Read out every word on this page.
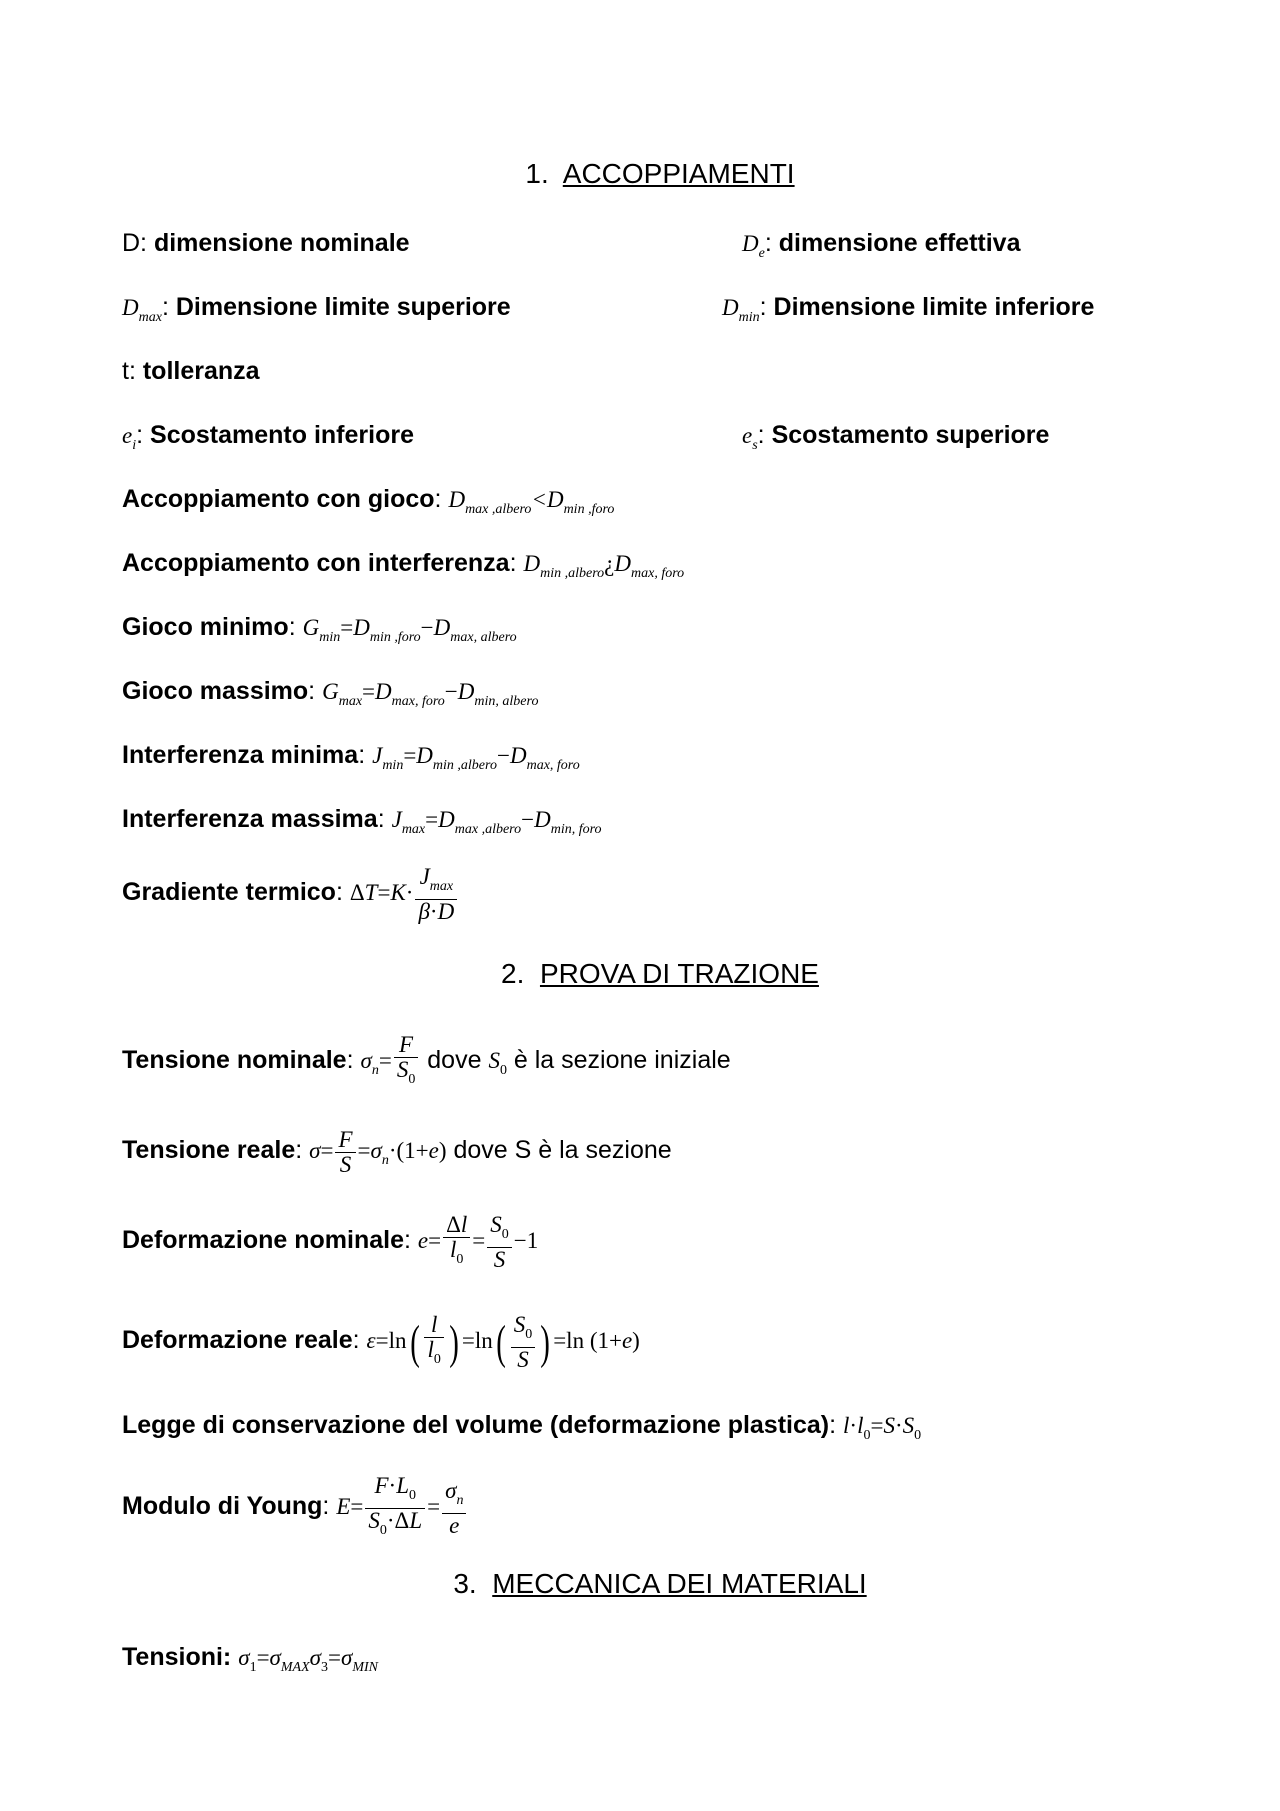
1. ACCOPPIAMENTI
D: dimensione nominale	$D_e$: dimensione effettiva
$D_{max}$: Dimensione limite superiore	$D_{min}$: Dimensione limite inferiore
t: tolleranza
$e_i$: Scostamento inferiore	$e_s$: Scostamento superiore
Accoppiamento con gioco: $D_{max ,albero}<D_{min ,foro}$
Accoppiamento con interferenza: $D_{min ,albero}¿D_{max, foro}$
Gioco minimo: $G_{min}=D_{min ,foro}-D_{max, albero}$
Gioco massimo: $G_{max}=D_{max, foro}-D_{min, albero}$
Interferenza minima: $J_{min}=D_{min ,albero}-D_{max, foro}$
Interferenza massima: $J_{max}=D_{max ,albero}-D_{min, foro}$
Gradiente termico: $\Delta T=K\cdot \frac{J_{max}}{\beta\cdot D}$
2. PROVA DI TRAZIONE
Tensione nominale: $\sigma_n= \frac{F}{S_0}$ dove $S_0$ è la sezione iniziale
Tensione reale: $\sigma= \frac{F}{S} =\sigma_n\cdot(1+e)$ dove S è la sezione
Deformazione nominale: $e= \frac{\Delta l}{l_0} = \frac{S_0}{S} -1$
Deformazione reale: $\varepsilon=\ln( \frac{l}{l_0}$ ) $=\ln( \frac{S_0}{S}$ ) =ln (1+e)
Legge di conservazione del volume (deformazione plastica): $l\cdot l_0=S\cdot S_0$
Modulo di Young: $E= \frac{F\cdot L_0}{S_0\cdot\Delta L} = \frac{\sigma_n}{e}$
3. MECCANICA DEI MATERIALI
Tensioni: $\sigma_1=\sigma_{MAX}\sigma_3=\sigma_{MIN}$
